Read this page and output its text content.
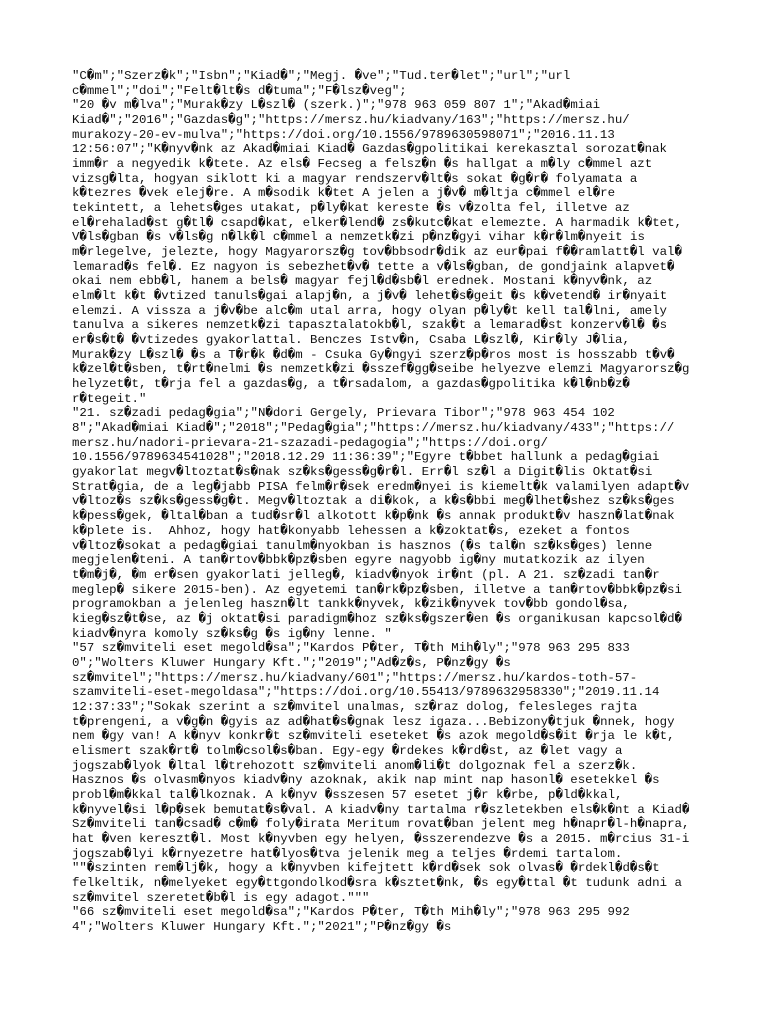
"C�m";"Szerz�k";"Isbn";"Kiad�";"Megj. �ve";"Tud.ter�let";"url";"url
c�mmel";"doi";"Felt�lt�s d�tuma";"F�lsz�veg";
"20 �v m�lva";"Murak�zy L�szl� (szerk.)";"978 963 059 807 1";"Akad�miai
Kiad�";"2016";"Gazdas�g";"https://mersz.hu/kiadvany/163";"https://mersz.hu/
murakozy-20-ev-mulva";"https://doi.org/10.1556/9789630598071";"2016.11.13
12:56:07";"K�nyv�nk az Akad�miai Kiad� Gazdas�gpolitikai kerekasztal sorozat�nak
imm�r a negyedik k�tete. Az els� Fecseg a felsz�n �s hallgat a m�ly c�mmel azt
vizsg�lta, hogyan siklott ki a magyar rendszerv�lt�s sokat �g�r� folyamata a
k�tezres �vek elej�re. A m�sodik k�tet A jelen a j�v� m�ltja c�mmel el�re
tekintett, a lehets�ges utakat, p�ly�kat kereste �s v�zolta fel, illetve az
el�rehalad�st g�tl� csapd�kat, elker�lend� zs�kutc�kat elemezte. A harmadik k�tet,
V�ls�gban �s v�ls�g n�lk�l c�mmel a nemzetk�zi p�nz�gyi vihar k�r�lm�nyeit is
m�rlegelve, jelezte, hogy Magyarorsz�g tov�bbsodr�dik az eur�pai f��ramlatt�l val�
lemarad�s fel�. Ez nagyon is sebezhet�v� tette a v�ls�gban, de gondjaink alapvet�
okai nem ebb�l, hanem a bels� magyar fejl�d�sb�l erednek. Mostani k�nyv�nk, az
elm�lt k�t �vtized tanuls�gai alapj�n, a j�v� lehet�s�geit �s k�vetend� ir�nyait
elemzi. A vissza a j�v�be alc�m utal arra, hogy olyan p�ly�t kell tal�lni, amely
tanulva a sikeres nemzetk�zi tapasztalatokb�l, szak�t a lemarad�st konzerv�l� �s
er�s�t� �vtizedes gyakorlattal. Benczes Istv�n, Csaba L�szl�, Kir�ly J�lia,
Murak�zy L�szl� �s a T�r�k �d�m - Csuka Gy�ngyi szerz�p�ros most is hosszabb t�v�
k�zel�t�sben, t�rt�nelmi �s nemzetk�zi �sszef�gg�seibe helyezve elemzi Magyarorsz�g
helyzet�t, t�rja fel a gazdas�g, a t�rsadalom, a gazdas�gpolitika k�l�nb�z�
r�tegeit."
"21. sz�zadi pedag�gia";"N�dori Gergely, Prievara Tibor";"978 963 454 102
8";"Akad�miai Kiad�";"2018";"Pedag�gia";"https://mersz.hu/kiadvany/433";"https://
mersz.hu/nadori-prievara-21-szazadi-pedagogia";"https://doi.org/
10.1556/9789634541028";"2018.12.29 11:36:39";"Egyre t�bbet hallunk a pedag�giai
gyakorlat megv�ltoztat�s�nak sz�ks�gess�g�r�l. Err�l sz�l a Digit�lis Oktat�si
Strat�gia, de a leg�jabb PISA felm�r�sek eredm�nyei is kiemelt�k valamilyen adapt�v
v�ltoz�s sz�ks�gess�g�t. Megv�ltoztak a di�kok, a k�s�bbi meg�lhet�shez sz�ks�ges
k�pess�gek, �ltal�ban a tud�sr�l alkotott k�p�nk �s annak produkt�v haszn�lat�nak
k�plete is.  Ahhoz, hogy hat�konyabb lehessen a k�zoktat�s, ezeket a fontos
v�ltoz�sokat a pedag�giai tanulm�nyokban is hasznos (�s tal�n sz�ks�ges) lenne
megjelen�teni. A tan�rtov�bbk�pz�sben egyre nagyobb ig�ny mutatkozik az ilyen
t�m�j�, �m er�sen gyakorlati jelleg�, kiadv�nyok ir�nt (pl. A 21. sz�zadi tan�r
meglep� sikere 2015-ben). Az egyetemi tan�rk�pz�sben, illetve a tan�rtov�bbk�pz�si
programokban a jelenleg haszn�lt tankk�nyvek, k�zik�nyvek tov�bb gondol�sa,
kieg�sz�t�se, az �j oktat�si paradigm�hoz sz�ks�gszer�en �s organikusan kapcsol�d�
kiadv�nyra komoly sz�ks�g �s ig�ny lenne. "
"57 sz�mviteli eset megold�sa";"Kardos P�ter, T�th Mih�ly";"978 963 295 833
0";"Wolters Kluwer Hungary Kft.";"2019";"Ad�z�s, P�nz�gy �s
sz�mvitel";"https://mersz.hu/kiadvany/601";"https://mersz.hu/kardos-toth-57-
szamviteli-eset-megoldasa";"https://doi.org/10.55413/9789632958330";"2019.11.14
12:37:33";"Sokak szerint a sz�mvitel unalmas, sz�raz dolog, felesleges rajta
t�prengeni, a v�g�n �gyis az ad�hat�s�gnak lesz igaza...Bebizony�tjuk �nnek, hogy
nem �gy van! A k�nyv konkr�t sz�mviteli eseteket �s azok megold�s�it �rja le k�t,
elismert szak�rt� tolm�csol�s�ban. Egy-egy �rdekes k�rd�st, az �let vagy a
jogszab�lyok �ltal l�trehozott sz�mviteli anom�li�t dolgoznak fel a szerz�k.
Hasznos �s olvasm�nyos kiadv�ny azoknak, akik nap mint nap hasonl� esetekkel �s
probl�m�kkal tal�lkoznak. A k�nyv �sszesen 57 esetet j�r k�rbe, p�ld�kkal,
k�nyvel�si l�p�sek bemutat�s�val. A kiadv�ny tartalma r�szletekben els�k�nt a Kiad�
Sz�mviteli tan�csad� c�m� foly�irata Meritum rovat�ban jelent meg h�napr�l-h�napra,
hat �ven kereszt�l. Most k�nyvben egy helyen, �sszerendezve �s a 2015. m�rcius 31-i
jogszab�lyi k�rnyezetre hat�lyos�tva jelenik meg a teljes �rdemi tartalom.
""�szinten rem�lj�k, hogy a k�nyvben kifejtett k�rd�sek sok olvas� �rdekl�d�s�t
felkeltik, n�melyeket egy�ttgondolkod�sra k�sztet�nk, �s egy�ttal �t tudunk adni a
sz�mvitel szeretet�b�l is egy adagot."""
"66 sz�mviteli eset megold�sa";"Kardos P�ter, T�th Mih�ly";"978 963 295 992
4";"Wolters Kluwer Hungary Kft.";"2021";"P�nz�gy �s
